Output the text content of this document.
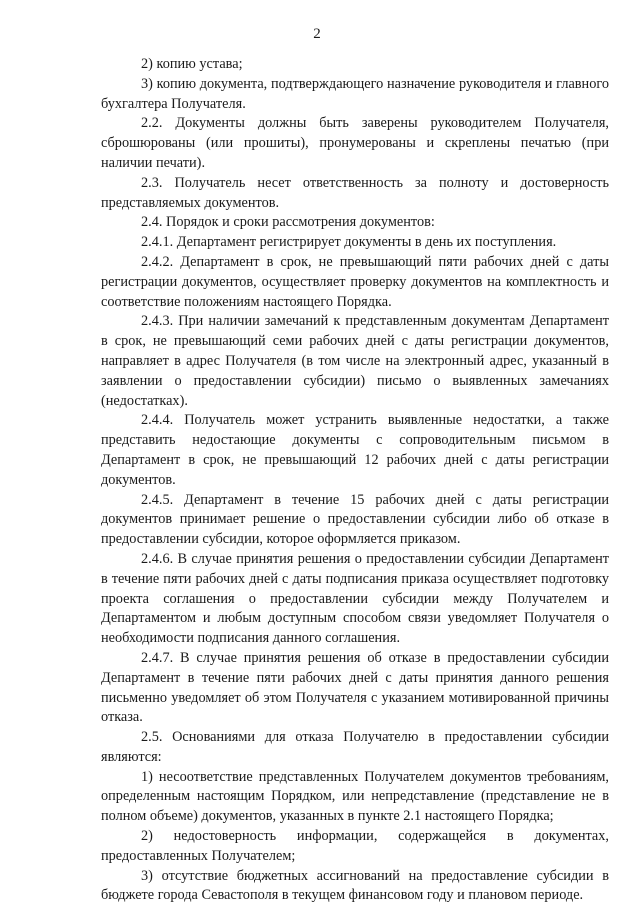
2

2) копию устава;

3) копию документа, подтверждающего назначение руководителя и главного бухгалтера Получателя.

2.2. Документы должны быть заверены руководителем Получателя, сброшюрованы (или прошиты), пронумерованы и скреплены печатью (при наличии печати).

2.3. Получатель несет ответственность за полноту и достоверность представляемых документов.

2.4. Порядок и сроки рассмотрения документов:

2.4.1. Департамент регистрирует документы в день их поступления.

2.4.2. Департамент в срок, не превышающий пяти рабочих дней с даты регистрации документов, осуществляет проверку документов на комплектность и соответствие положениям настоящего Порядка.

2.4.3. При наличии замечаний к представленным документам Департамент в срок, не превышающий семи рабочих дней с даты регистрации документов, направляет в адрес Получателя (в том числе на электронный адрес, указанный в заявлении о предоставлении субсидии) письмо о выявленных замечаниях (недостатках).

2.4.4. Получатель может устранить выявленные недостатки, а также представить недостающие документы с сопроводительным письмом в Департамент в срок, не превышающий 12 рабочих дней с даты регистрации документов.

2.4.5. Департамент в течение 15 рабочих дней с даты регистрации документов принимает решение о предоставлении субсидии либо об отказе в предоставлении субсидии, которое оформляется приказом.

2.4.6. В случае принятия решения о предоставлении субсидии Департамент в течение пяти рабочих дней с даты подписания приказа осуществляет подготовку проекта соглашения о предоставлении субсидии между Получателем и Департаментом и любым доступным способом связи уведомляет Получателя о необходимости подписания данного соглашения.

2.4.7. В случае принятия решения об отказе в предоставлении субсидии Департамент в течение пяти рабочих дней с даты принятия данного решения письменно уведомляет об этом Получателя с указанием мотивированной причины отказа.

2.5. Основаниями для отказа Получателю в предоставлении субсидии являются:

1) несоответствие представленных Получателем документов требованиям, определенным настоящим Порядком, или непредставление (представление не в полном объеме) документов, указанных в пункте 2.1 настоящего Порядка;

2) недостоверность информации, содержащейся в документах, предоставленных Получателем;

3) отсутствие бюджетных ассигнований на предоставление субсидии в бюджете города Севастополя в текущем финансовом году и плановом периоде.
